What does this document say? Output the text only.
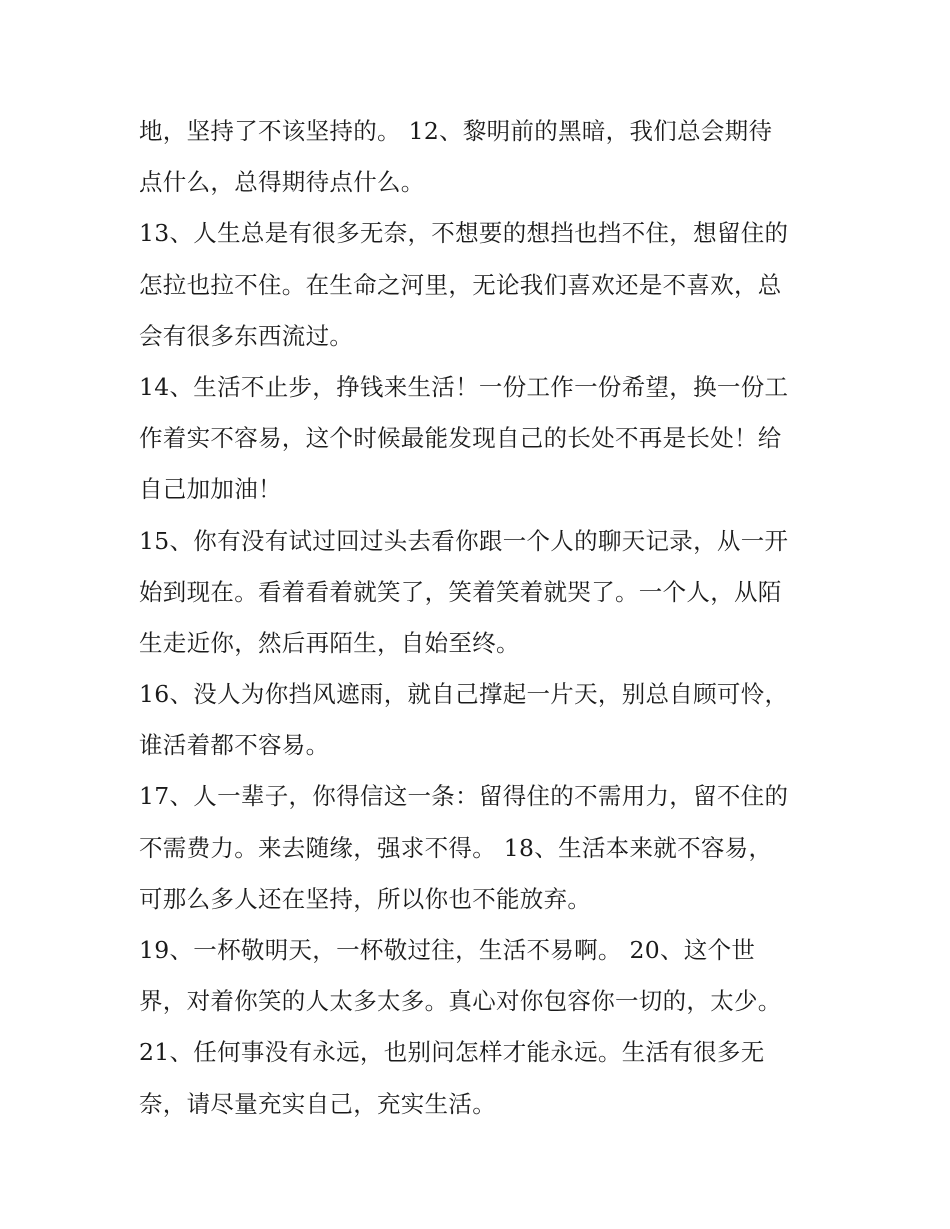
地，坚持了不该坚持的。 12、黎明前的黑暗，我们总会期待
点什么，总得期待点什么。
13、人生总是有很多无奈，不想要的想挡也挡不住，想留住的
怎拉也拉不住。在生命之河里，无论我们喜欢还是不喜欢，总
会有很多东西流过。
14、生活不止步，挣钱来生活！一份工作一份希望，换一份工
作着实不容易，这个时候最能发现自己的长处不再是长处！给
自己加加油！
15、你有没有试过回过头去看你跟一个人的聊天记录，从一开
始到现在。看着看着就笑了，笑着笑着就哭了。一个人，从陌
生走近你，然后再陌生，自始至终。
16、没人为你挡风遮雨，就自己撑起一片天，别总自顾可怜，
谁活着都不容易。
17、人一辈子，你得信这一条：留得住的不需用力，留不住的
不需费力。来去随缘，强求不得。 18、生活本来就不容易，
可那么多人还在坚持，所以你也不能放弃。
19、一杯敬明天，一杯敬过往，生活不易啊。 20、这个世
界，对着你笑的人太多太多。真心对你包容你一切的，太少。
21、任何事没有永远，也别问怎样才能永远。生活有很多无
奈，请尽量充实自己，充实生活。
